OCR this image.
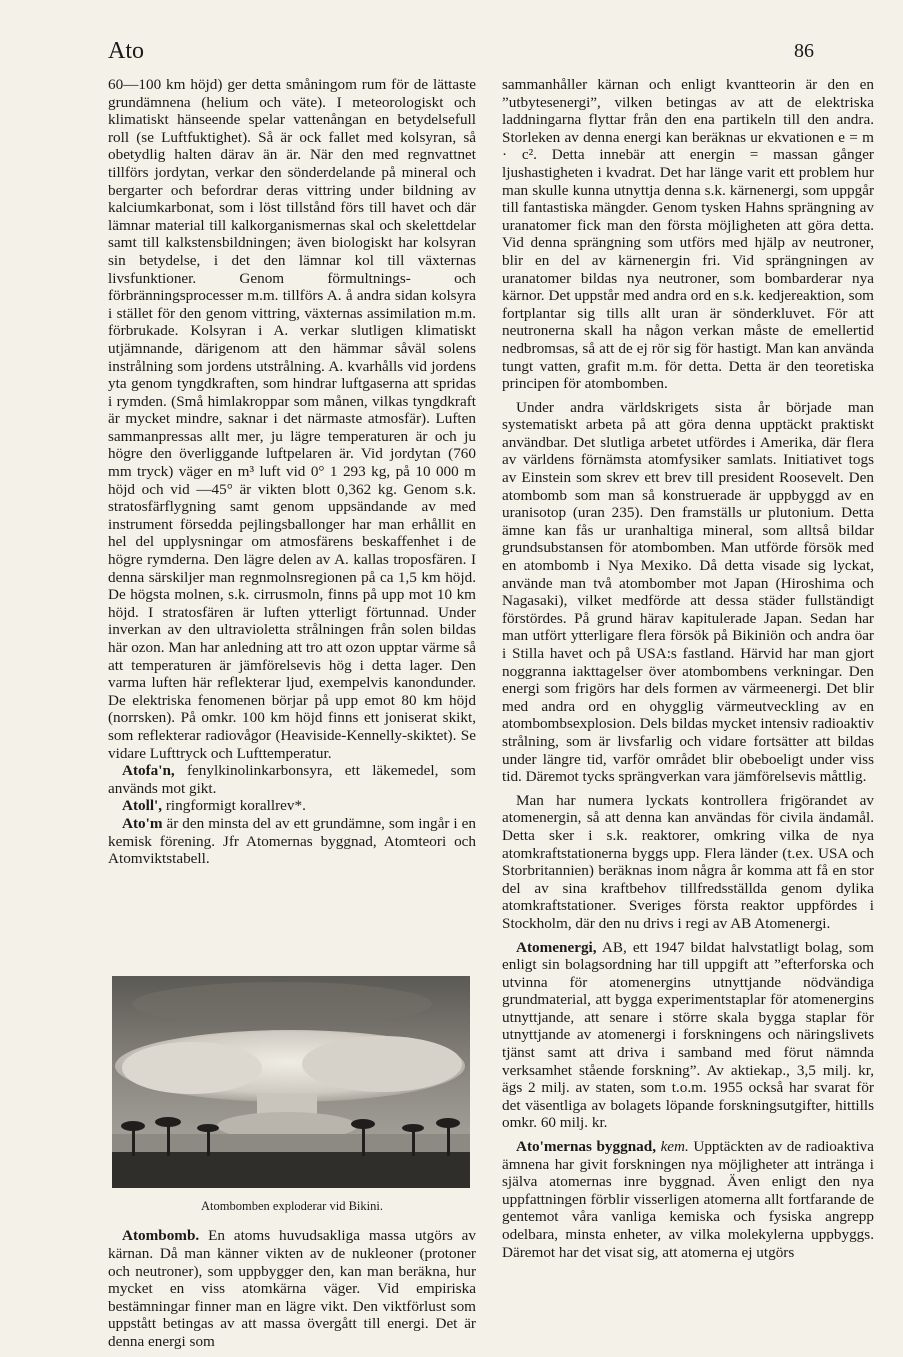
Ato	86

60—100 km höjd) ger detta småningom rum för de lättaste grundämnena (helium och väte). I meteorologiskt och klimatiskt hänseende spelar vattenångan en betydelsefull roll (se Luftfuktighet). Så är ock fallet med kolsyran, så obetydlig halten därav än är. När den med regnvattnet tillförs jordytan, verkar den sönderdelande på mineral och bergarter och befordrar deras vittring under bildning av kalciumkarbonat, som i löst tillstånd förs till havet och där lämnar material till kalkorganismernas skal och skelettdelar samt till kalkstensbildningen; även biologiskt har kolsyran sin betydelse, i det den lämnar kol till växternas livsfunktioner. Genom förmultnings- och förbränningsprocesser m.m. tillförs A. å andra sidan kolsyra i stället för den genom vittring, växternas assimilation m.m. förbrukade. Kolsyran i A. verkar slutligen klimatiskt utjämnande, därigenom att den hämmar såväl solens instrålning som jordens utstrålning. A. kvarhålls vid jordens yta genom tyngdkraften, som hindrar luftgaserna att spridas i rymden. (Små himlakroppar som månen, vilkas tyngdkraft är mycket mindre, saknar i det närmaste atmosfär). Luften sammanpressas allt mer, ju lägre temperaturen är och ju högre den överliggande luftpelaren är. Vid jordytan (760 mm tryck) väger en m³ luft vid 0° 1 293 kg, på 10 000 m höjd och vid —45° är vikten blott 0,362 kg. Genom s.k. stratosfärflygning samt genom uppsändande av med instrument försedda pejlingsballonger har man erhållit en hel del upplysningar om atmosfärens beskaffenhet i de högre rymderna. Den lägre delen av A. kallas troposfären. I denna särskiljer man regnmolnsregionen på ca 1,5 km höjd. De högsta molnen, s.k. cirrusmoln, finns på upp mot 10 km höjd. I stratosfären är luften ytterligt förtunnad. Under inverkan av den ultravioletta strålningen från solen bildas här ozon. Man har anledning att tro att ozon upptar värme så att temperaturen är jämförelsevis hög i detta lager. Den varma luften här reflekterar ljud, exempelvis kanondunder. De elektriska fenomenen börjar på upp emot 80 km höjd (norrsken). På omkr. 100 km höjd finns ett joniserat skikt, som reflekterar radiovågor (Heaviside-Kennelly-skiktet). Se vidare Lufttryck och Lufttemperatur.

Atofa'n, fenylkinolinkarbonsyra, ett läkemedel, som används mot gikt.

Atoll', ringformigt korallrev*.

Ato'm är den minsta del av ett grundämne, som ingår i en kemisk förening. Jfr Atomernas byggnad, Atomteori och Atomviktstabell.

Atombomben exploderar vid Bikini.

Atombomb. En atoms huvudsakliga massa utgörs av kärnan. Då man känner vikten av de nukleoner (protoner och neutroner), som uppbygger den, kan man beräkna, hur mycket en viss atomkärna väger. Vid empiriska bestämningar finner man en lägre vikt. Den viktförlust som uppstått betingas av att massa övergått till energi. Det är denna energi som

sammanhåller kärnan och enligt kvantteorin är den en ”utbytesenergi”, vilken betingas av att de elektriska laddningarna flyttar från den ena partikeln till den andra. Storleken av denna energi kan beräknas ur ekvationen e = m · c². Detta innebär att energin = massan gånger ljushastigheten i kvadrat. Det har länge varit ett problem hur man skulle kunna utnyttja denna s.k. kärnenergi, som uppgår till fantastiska mängder. Genom tysken Hahns sprängning av uranatomer fick man den första möjligheten att göra detta. Vid denna sprängning som utförs med hjälp av neutroner, blir en del av kärnenergin fri. Vid sprängningen av uranatomer bildas nya neutroner, som bombarderar nya kärnor. Det uppstår med andra ord en s.k. kedjereaktion, som fortplantar sig tills allt uran är sönderkluvet. För att neutronerna skall ha någon verkan måste de emellertid nedbromsas, så att de ej rör sig för hastigt. Man kan använda tungt vatten, grafit m.m. för detta. Detta är den teoretiska principen för atombomben.

Under andra världskrigets sista år började man systematiskt arbeta på att göra denna upptäckt praktiskt användbar. Det slutliga arbetet utfördes i Amerika, där flera av världens förnämsta atomfysiker samlats. Initiativet togs av Einstein som skrev ett brev till president Roosevelt. Den atombomb som man så konstruerade är uppbyggd av en uranisotop (uran 235). Den framställs ur plutonium. Detta ämne kan fås ur uranhaltiga mineral, som alltså bildar grundsubstansen för atombomben. Man utförde försök med en atombomb i Nya Mexiko. Då detta visade sig lyckat, använde man två atombomber mot Japan (Hiroshima och Nagasaki), vilket medförde att dessa städer fullständigt förstördes. På grund härav kapitulerade Japan. Sedan har man utfört ytterligare flera försök på Bikiniön och andra öar i Stilla havet och på USA:s fastland. Härvid har man gjort noggranna iakttagelser över atombombens verkningar. Den energi som frigörs har dels formen av värmeenergi. Det blir med andra ord en ohygglig värmeutveckling av en atombombsexplosion. Dels bildas mycket intensiv radioaktiv strålning, som är livsfarlig och vidare fortsätter att bildas under längre tid, varför området blir obeboeligt under viss tid. Däremot tycks sprängverkan vara jämförelsevis måttlig.

Man har numera lyckats kontrollera frigörandet av atomenergin, så att denna kan användas för civila ändamål. Detta sker i s.k. reaktorer, omkring vilka de nya atomkraftstationerna byggs upp. Flera länder (t.ex. USA och Storbritannien) beräknas inom några år komma att få en stor del av sina kraftbehov tillfredsställda genom dylika atomkraftstationer. Sveriges första reaktor uppfördes i Stockholm, där den nu drivs i regi av AB Atomenergi.

Atomenergi, AB, ett 1947 bildat halvstatligt bolag, som enligt sin bolagsordning har till uppgift att ”efterforska och utvinna för atomenergins utnyttjande nödvändiga grundmaterial, att bygga experimentstaplar för atomenergins utnyttjande, att senare i större skala bygga staplar för utnyttjande av atomenergi i forskningens och näringslivets tjänst samt att driva i samband med förut nämnda verksamhet stående forskning”. Av aktiekap., 3,5 milj. kr, ägs 2 milj. av staten, som t.o.m. 1955 också har svarat för det väsentliga av bolagets löpande forskningsutgifter, hittills omkr. 60 milj. kr.

Ato'mernas byggnad, kem. Upptäckten av de radioaktiva ämnena har givit forskningen nya möjligheter att intränga i själva atomernas inre byggnad. Även enligt den nya uppfattningen förblir visserligen atomerna allt fortfarande de gentemot våra vanliga kemiska och fysiska angrepp odelbara, minsta enheter, av vilka molekylerna uppbyggs. Däremot har det visat sig, att atomerna ej utgörs
